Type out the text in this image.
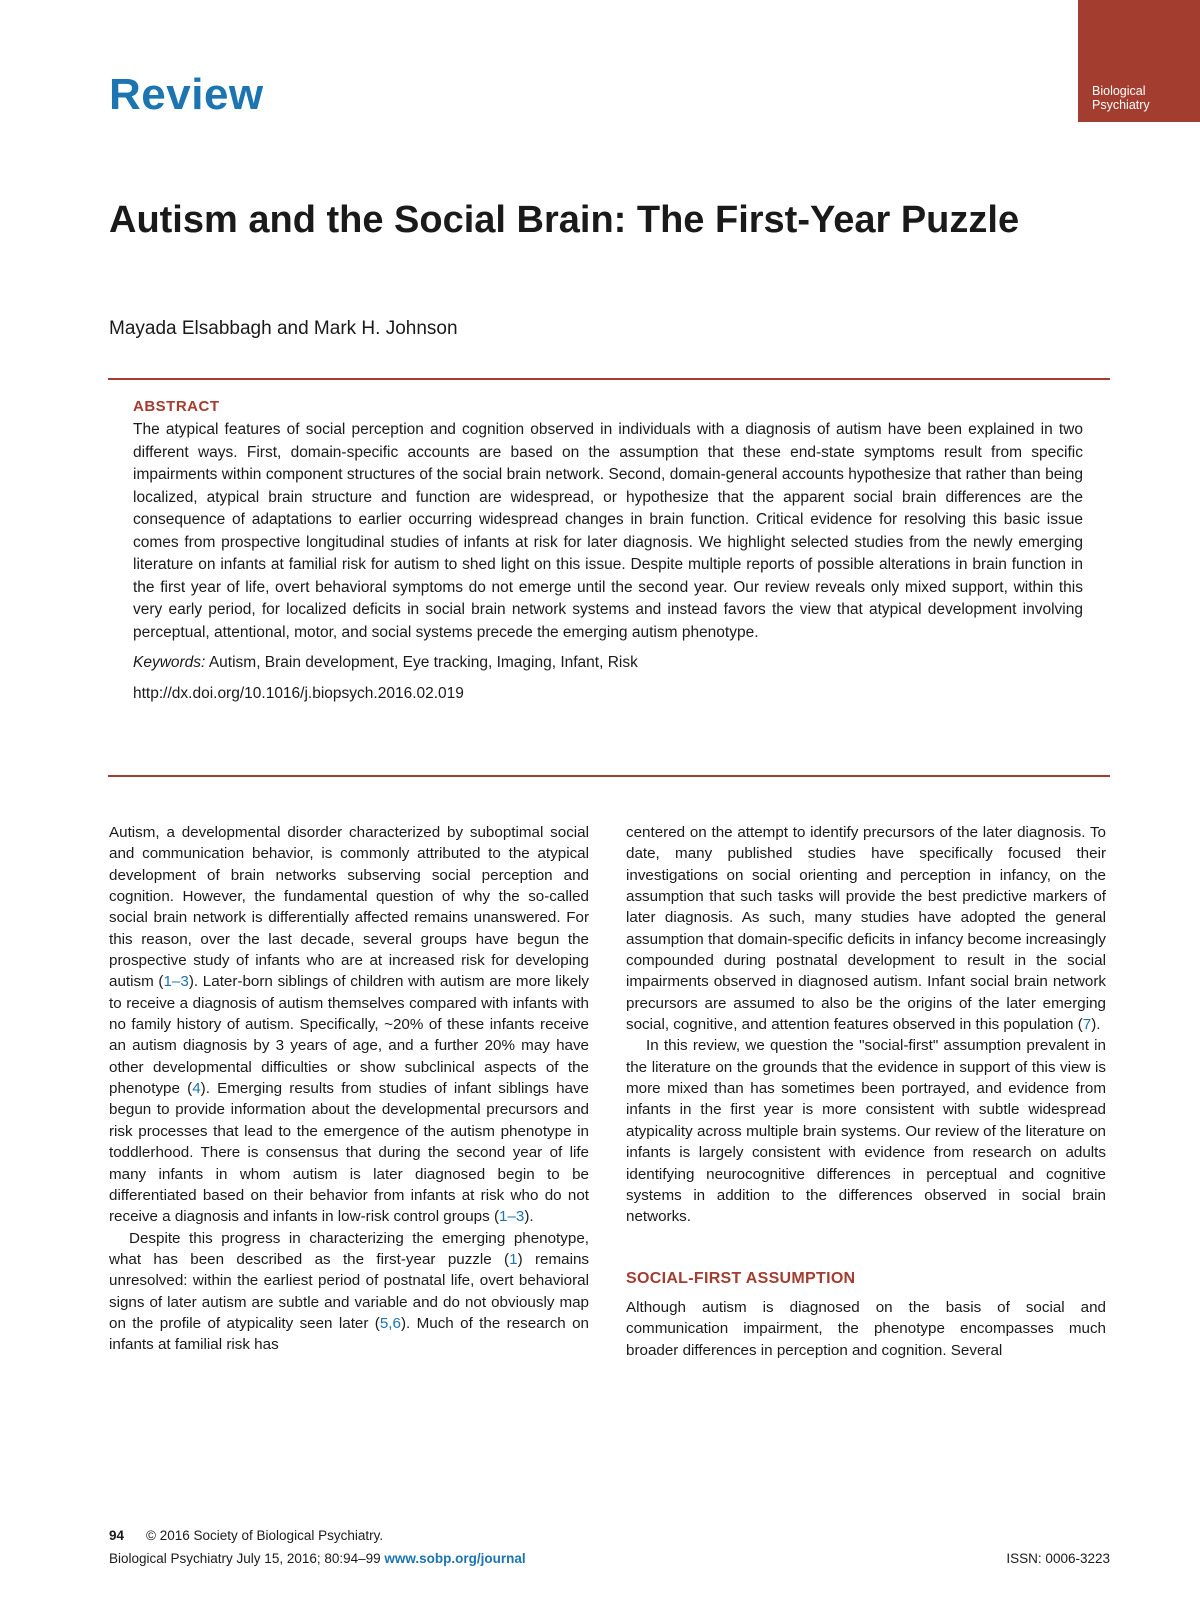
Biological
Psychiatry
Review
Autism and the Social Brain: The First-Year Puzzle
Mayada Elsabbagh and Mark H. Johnson
ABSTRACT

The atypical features of social perception and cognition observed in individuals with a diagnosis of autism have been explained in two different ways. First, domain-specific accounts are based on the assumption that these end-state symptoms result from specific impairments within component structures of the social brain network. Second, domain-general accounts hypothesize that rather than being localized, atypical brain structure and function are widespread, or hypothesize that the apparent social brain differences are the consequence of adaptations to earlier occurring widespread changes in brain function. Critical evidence for resolving this basic issue comes from prospective longitudinal studies of infants at risk for later diagnosis. We highlight selected studies from the newly emerging literature on infants at familial risk for autism to shed light on this issue. Despite multiple reports of possible alterations in brain function in the first year of life, overt behavioral symptoms do not emerge until the second year. Our review reveals only mixed support, within this very early period, for localized deficits in social brain network systems and instead favors the view that atypical development involving perceptual, attentional, motor, and social systems precede the emerging autism phenotype.

Keywords: Autism, Brain development, Eye tracking, Imaging, Infant, Risk
http://dx.doi.org/10.1016/j.biopsych.2016.02.019

Autism, a developmental disorder characterized by suboptimal social and communication behavior, is commonly attributed to the atypical development of brain networks subserving social perception and cognition. However, the fundamental question of why the so-called social brain network is differentially affected remains unanswered. For this reason, over the last decade, several groups have begun the prospective study of infants who are at increased risk for developing autism (1–3). Later-born siblings of children with autism are more likely to receive a diagnosis of autism themselves compared with infants with no family history of autism. Specifically, ~20% of these infants receive an autism diagnosis by 3 years of age, and a further 20% may have other developmental difficulties or show subclinical aspects of the phenotype (4). Emerging results from studies of infant siblings have begun to provide information about the developmental precursors and risk processes that lead to the emergence of the autism phenotype in toddlerhood. There is consensus that during the second year of life many infants in whom autism is later diagnosed begin to be differentiated based on their behavior from infants at risk who do not receive a diagnosis and infants in low-risk control groups (1–3).

Despite this progress in characterizing the emerging phenotype, what has been described as the first-year puzzle (1) remains unresolved: within the earliest period of postnatal life, overt behavioral signs of later autism are subtle and variable and do not obviously map on the profile of atypicality seen later (5,6). Much of the research on infants at familial risk has

centered on the attempt to identify precursors of the later diagnosis. To date, many published studies have specifically focused their investigations on social orienting and perception in infancy, on the assumption that such tasks will provide the best predictive markers of later diagnosis. As such, many studies have adopted the general assumption that domain-specific deficits in infancy become increasingly compounded during postnatal development to result in the social impairments observed in diagnosed autism. Infant social brain network precursors are assumed to also be the origins of the later emerging social, cognitive, and attention features observed in this population (7).

In this review, we question the "social-first" assumption prevalent in the literature on the grounds that the evidence in support of this view is more mixed than has sometimes been portrayed, and evidence from infants in the first year is more consistent with subtle widespread atypicality across multiple brain systems. Our review of the literature on infants is largely consistent with evidence from research on adults identifying neurocognitive differences in perceptual and cognitive systems in addition to the differences observed in social brain networks.

SOCIAL-FIRST ASSUMPTION

Although autism is diagnosed on the basis of social and communication impairment, the phenotype encompasses much broader differences in perception and cognition. Several

94 © 2016 Society of Biological Psychiatry.
Biological Psychiatry July 15, 2016; 80:94–99 www.sobp.org/journal	ISSN: 0006-3223
